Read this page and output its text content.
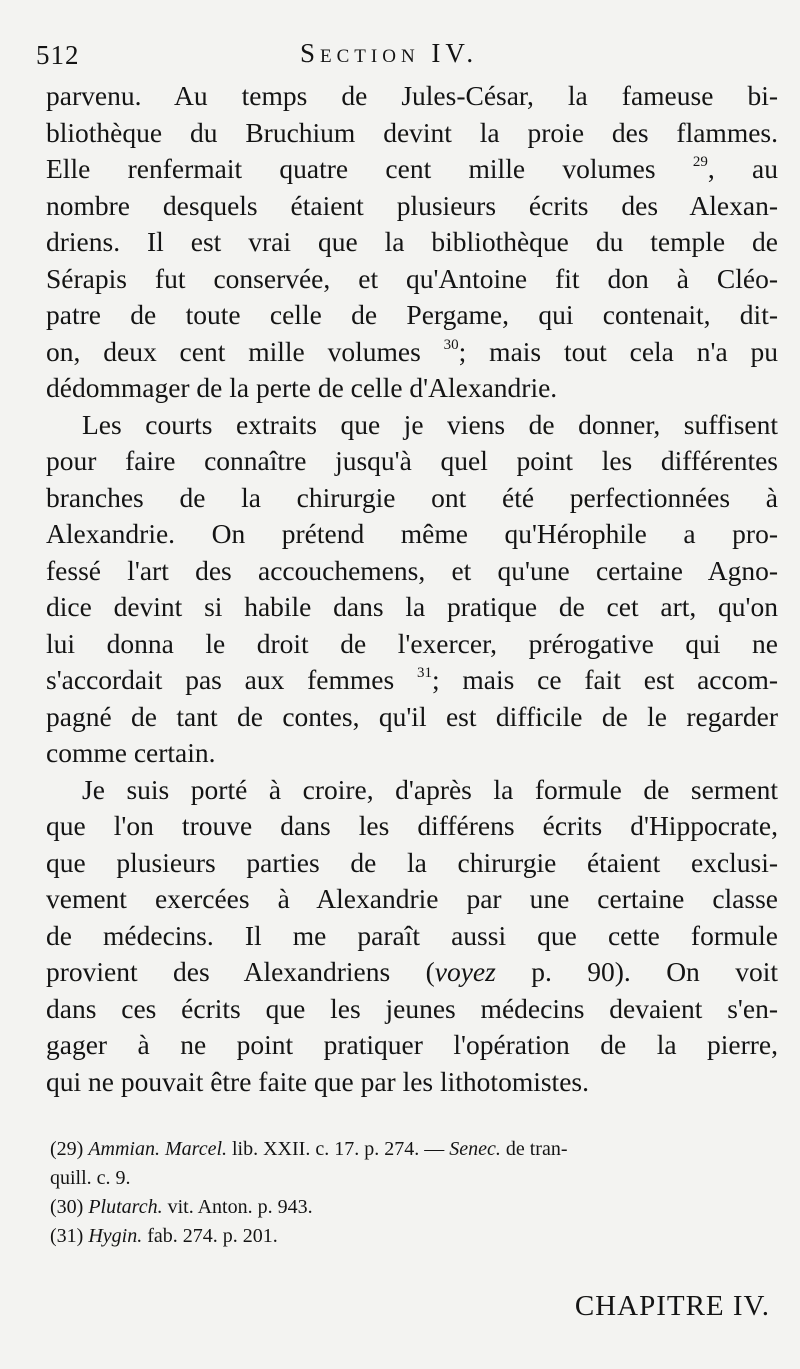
512	Section IV.
parvenu. Au temps de Jules-César, la fameuse bi-
bliothèque du Bruchium devint la proie des flammes.
Elle renfermait quatre cent mille volumes $^{29}$, au
nombre desquels étaient plusieurs écrits des Alexan-
driens. Il est vrai que la bibliothèque du temple de
Sérapis fut conservée, et qu'Antoine fit don à Cléo-
patre de toute celle de Pergame, qui contenait, dit-
on, deux cent mille volumes $^{30}$; mais tout cela n'a pu
dédommager de la perte de celle d'Alexandrie.
Les courts extraits que je viens de donner, suffisent
pour faire connaître jusqu'à quel point les différentes
branches de la chirurgie ont été perfectionnées à
Alexandrie. On prétend même qu'Hérophile a pro-
fessé l'art des accouchemens, et qu'une certaine Agno-
dice devint si habile dans la pratique de cet art, qu'on
lui donna le droit de l'exercer, prérogative qui ne
s'accordait pas aux femmes $^{31}$; mais ce fait est accom-
pagné de tant de contes, qu'il est difficile de le regarder
comme certain.
Je suis porté à croire, d'après la formule de serment
que l'on trouve dans les différens écrits d'Hippocrate,
que plusieurs parties de la chirurgie étaient exclusi-
vement exercées à Alexandrie par une certaine classe
de médecins. Il me paraît aussi que cette formule
provient des Alexandriens (voyez p. 90). On voit
dans ces écrits que les jeunes médecins devaient s'en-
gager à ne point pratiquer l'opération de la pierre,
qui ne pouvait être faite que par les lithotomistes.
(29) Ammian. Marcel. lib. XXII. c. 17. p. 274. — Senec. de tran-
quill. c. 9.
(30) Plutarch. vit. Anton. p. 943.
(31) Hygin. fab. 274. p. 201.
CHAPITRE IV.
